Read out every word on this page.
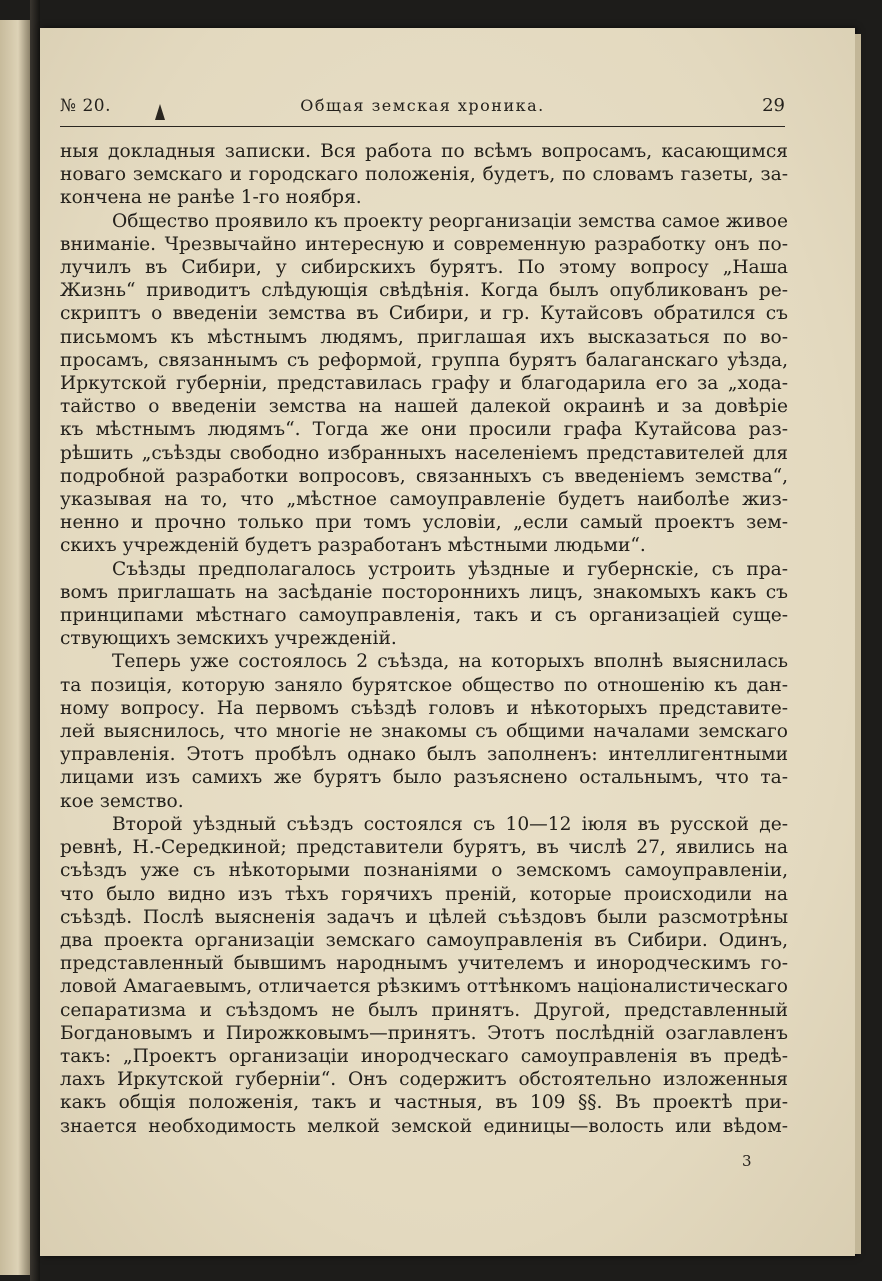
№ 20.	Общая земская хроника.	29
ныя докладныя записки. Вся работа по всѣмъ вопросамъ, касающимся
новаго земскаго и городскаго положенія, будетъ, по словамъ газеты, за-
кончена не ранѣе 1-го ноября.
Общество проявило къ проекту реорганизаціи земства самое живое
вниманіе. Чрезвычайно интересную и современную разработку онъ по-
лучилъ въ Сибири, у сибирскихъ бурятъ. По этому вопросу „Наша
Жизнь“ приводитъ слѣдующія свѣдѣнія. Когда былъ опубликованъ ре-
скриптъ о введеніи земства въ Сибири, и гр. Кутайсовъ обратился съ
письмомъ къ мѣстнымъ людямъ, приглашая ихъ высказаться по во-
просамъ, связаннымъ съ реформой, группа бурятъ балаганскаго уѣзда,
Иркутской губерніи, представилась графу и благодарила его за „хода-
тайство о введеніи земства на нашей далекой окраинѣ и за довѣріе
къ мѣстнымъ людямъ“. Тогда же они просили графа Кутайсова раз-
рѣшить „съѣзды свободно избранныхъ населеніемъ представителей для
подробной разработки вопросовъ, связанныхъ съ введеніемъ земства“,
указывая на то, что „мѣстное самоуправленіе будетъ наиболѣе жиз-
ненно и прочно только при томъ условіи, „если самый проектъ зем-
скихъ учрежденій будетъ разработанъ мѣстными людьми“.
Съѣзды предполагалось устроить уѣздные и губернскіе, съ пра-
вомъ приглашать на засѣданіе постороннихъ лицъ, знакомыхъ какъ съ
принципами мѣстнаго самоуправленія, такъ и съ организаціей суще-
ствующихъ земскихъ учрежденій.
Теперь уже состоялось 2 съѣзда, на которыхъ вполнѣ выяснилась
та позиція, которую заняло бурятское общество по отношенію къ дан-
ному вопросу. На первомъ съѣздѣ головъ и нѣкоторыхъ представите-
лей выяснилось, что многіе не знакомы съ общими началами земскаго
управленія. Этотъ пробѣлъ однако былъ заполненъ: интеллигентными
лицами изъ самихъ же бурятъ было разъяснено остальнымъ, что та-
кое земство.
Второй уѣздный съѣздъ состоялся съ 10—12 іюля въ русской де-
ревнѣ, Н.-Середкиной; представители бурятъ, въ числѣ 27, явились на
съѣздъ уже съ нѣкоторыми познаніями о земскомъ самоуправленіи,
что было видно изъ тѣхъ горячихъ преній, которые происходили на
съѣздѣ. Послѣ выясненія задачъ и цѣлей съѣздовъ были разсмотрѣны
два проекта организаціи земскаго самоуправленія въ Сибири. Одинъ,
представленный бывшимъ народнымъ учителемъ и инородческимъ го-
ловой Амагаевымъ, отличается рѣзкимъ оттѣнкомъ націоналистическаго
сепаратизма и съѣздомъ не былъ принятъ. Другой, представленный
Богдановымъ и Пирожковымъ—принятъ. Этотъ послѣдній озаглавленъ
такъ: „Проектъ организаціи инородческаго самоуправленія въ предѣ-
лахъ Иркутской губерніи“. Онъ содержитъ обстоятельно изложенныя
какъ общія положенія, такъ и частныя, въ 109 §§. Въ проектѣ при-
знается необходимость мелкой земской единицы—волость или вѣдом-
3
